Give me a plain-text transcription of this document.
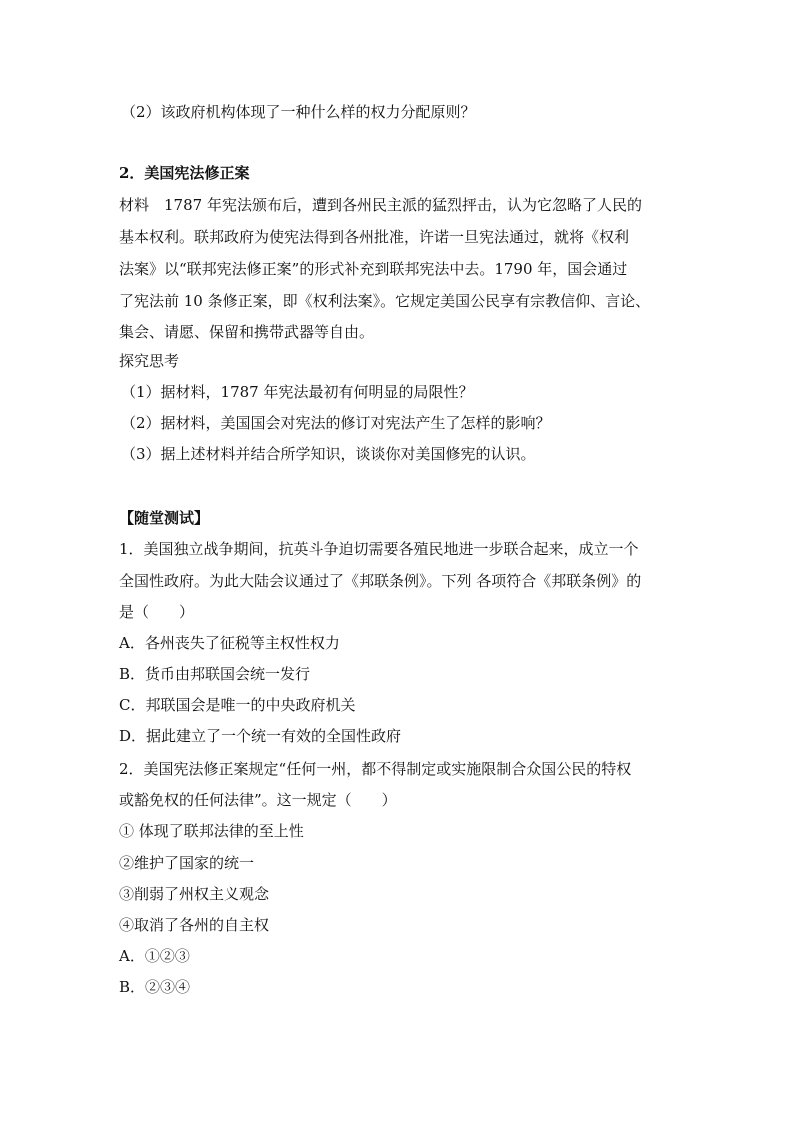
（2）该政府机构体现了一种什么样的权力分配原则？
2．美国宪法修正案
材料　1787 年宪法颁布后，遭到各州民主派的猛烈抨击，认为它忽略了人民的
基本权利。联邦政府为使宪法得到各州批准，许诺一旦宪法通过，就将《权利
法案》以“联邦宪法修正案”的形式补充到联邦宪法中去。1790 年，国会通过
了宪法前 10 条修正案，即《权利法案》。它规定美国公民享有宗教信仰、言论、
集会、请愿、保留和携带武器等自由。
探究思考
（1）据材料，1787 年宪法最初有何明显的局限性？
（2）据材料，美国国会对宪法的修订对宪法产生了怎样的影响？
（3）据上述材料并结合所学知识，谈谈你对美国修宪的认识。
【随堂测试】
1．美国独立战争期间，抗英斗争迫切需要各殖民地进一步联合起来，成立一个
全国性政府。为此大陆会议通过了《邦联条例》。下列 各项符合《邦联条例》的
是（　　）
A．各州丧失了征税等主权性权力
B．货币由邦联国会统一发行
C．邦联国会是唯一的中央政府机关
D．据此建立了一个统一有效的全国性政府
2．美国宪法修正案规定“任何一州，都不得制定或实施限制合众国公民的特权
或豁免权的任何法律”。这一规定（　　）
① 体现了联邦法律的至上性
②维护了国家的统一
③削弱了州权主义观念
④取消了各州的自主权
A．①②③
B．②③④
